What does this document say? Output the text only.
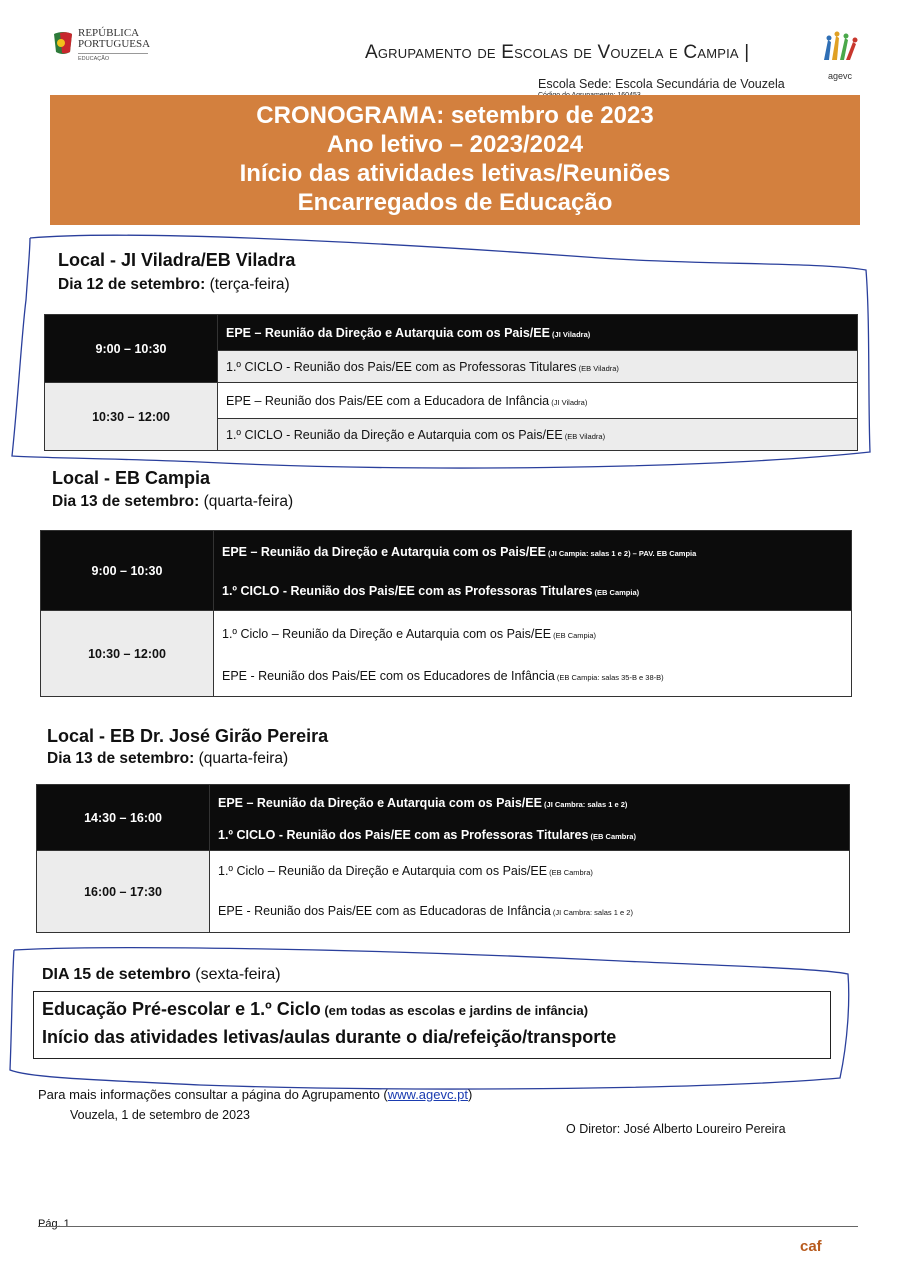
REPÚBLICA
PORTUGUESA
EDUCAÇÃO	Agrupamento de Escolas de Vouzela e Campia |
Escola Sede: Escola Secundária de Vouzela
agevc
CRONOGRAMA: setembro de 2023
Ano letivo – 2023/2024
Início das atividades letivas/Reuniões
Encarregados de Educação
Local - JI Viladra/EB Viladra
Dia 12 de setembro: (terça-feira)
9:00 – 10:30	EPE – Reunião da Direção e Autarquia com os Pais/EE (JI Viladra)
	1.º CICLO - Reunião dos Pais/EE com as Professoras Titulares (EB Viladra)
10:30 – 12:00	EPE – Reunião dos Pais/EE com a Educadora de Infância (JI Viladra)
	1.º CICLO - Reunião da Direção e Autarquia com os Pais/EE (EB Viladra)
Local - EB Campia
Dia 13 de setembro: (quarta-feira)
9:00 – 10:30	EPE – Reunião da Direção e Autarquia com os Pais/EE (JI Campia: salas 1 e 2) – PAV. EB Campia
	1.º CICLO - Reunião dos Pais/EE com as Professoras Titulares (EB Campia)
10:30 – 12:00	1.º Ciclo – Reunião da Direção e Autarquia com os Pais/EE (EB Campia)
	EPE - Reunião dos Pais/EE com os Educadores de Infância (EB Campia: salas 35-B e 38-B)
Local - EB Dr. José Girão Pereira
Dia 13 de setembro: (quarta-feira)
14:30 – 16:00	EPE – Reunião da Direção e Autarquia com os Pais/EE (JI Cambra: salas 1 e 2)
	1.º CICLO - Reunião dos Pais/EE com as Professoras Titulares (EB Cambra)
16:00 – 17:30	1.º Ciclo – Reunião da Direção e Autarquia com os Pais/EE (EB Cambra)
	EPE - Reunião dos Pais/EE com as Educadoras de Infância (JI Cambra: salas 1 e 2)
DIA 15 de setembro (sexta-feira)
Educação Pré-escolar e 1.º Ciclo (em todas as escolas e jardins de infância)
Início das atividades letivas/aulas durante o dia/refeição/transporte
Para mais informações consultar a página do Agrupamento (www.agevc.pt)
Vouzela, 1 de setembro de 2023
O Diretor: José Alberto Loureiro Pereira
Pág. 1
caf
